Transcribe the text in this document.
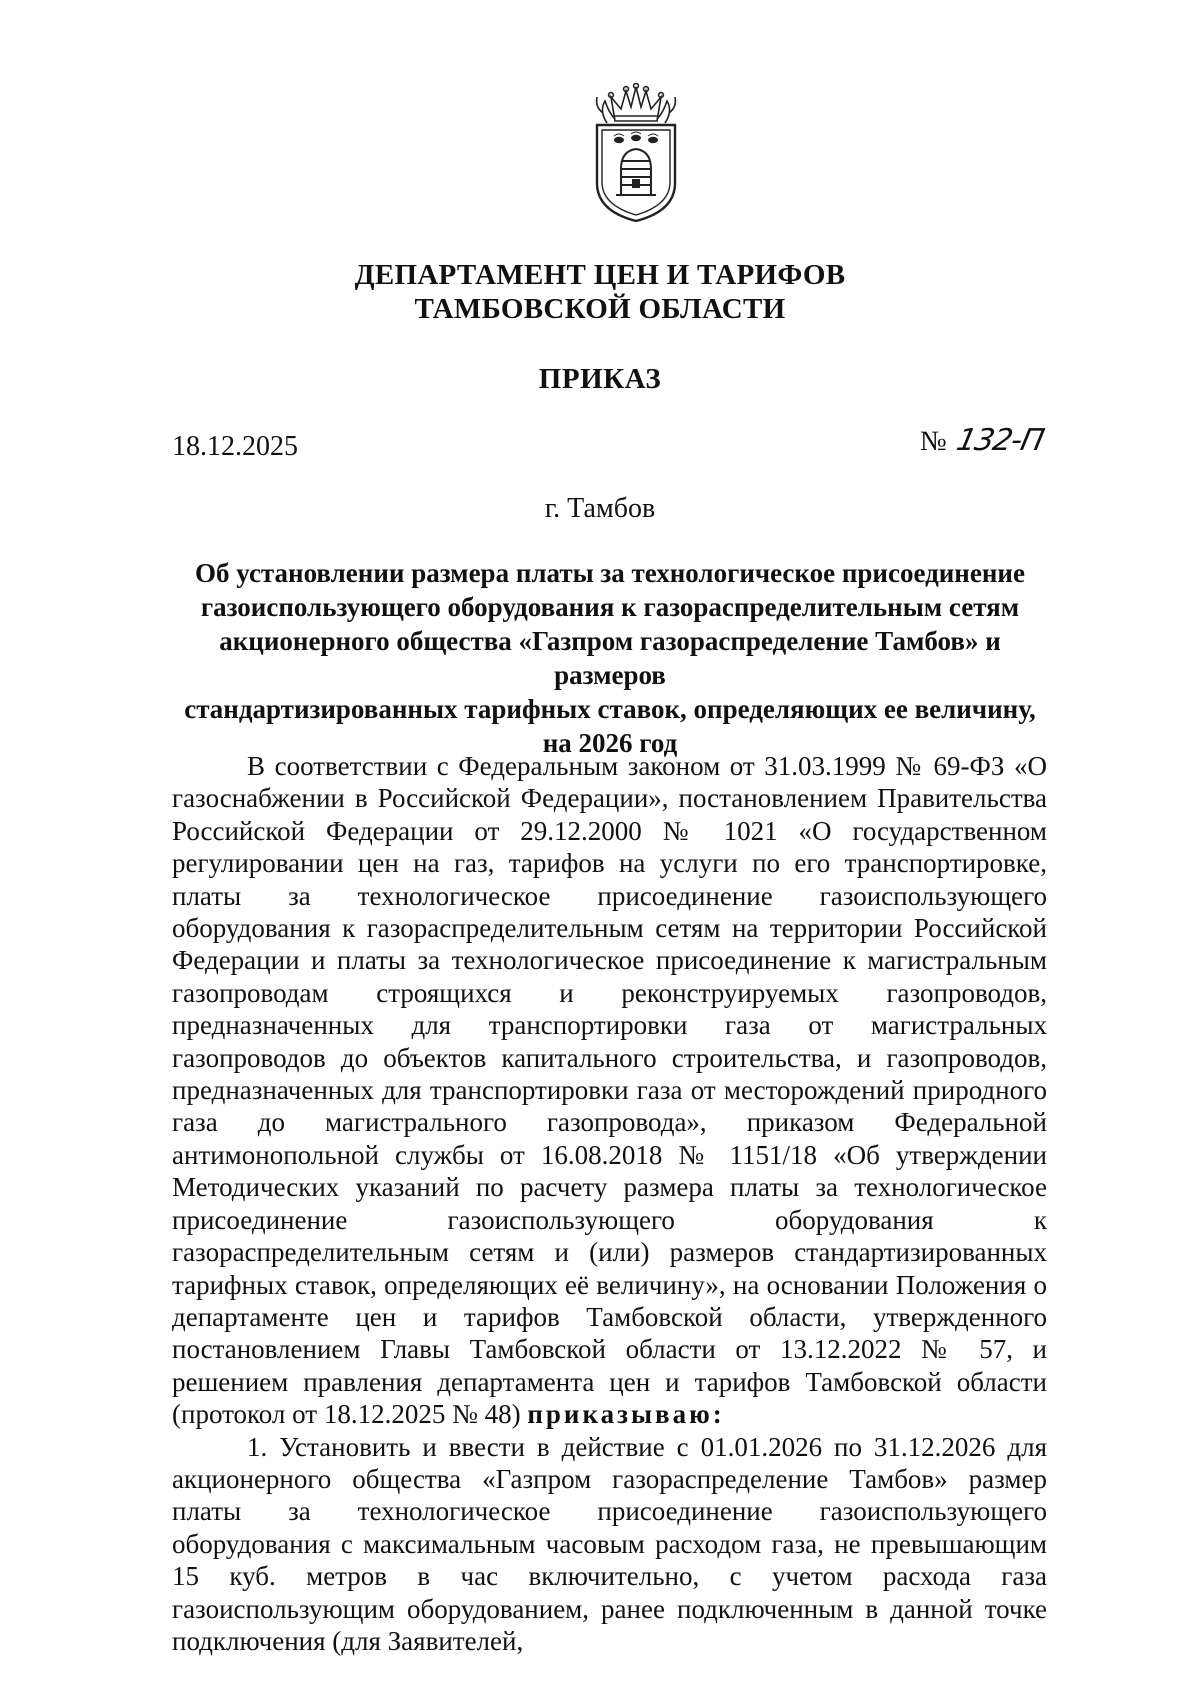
ДЕПАРТАМЕНТ ЦЕН И ТАРИФОВ
ТАМБОВСКОЙ ОБЛАСТИ
ПРИКАЗ
18.12.2025	№ 132-П
г. Тамбов
Об установлении размера платы за технологическое присоединение
газоиспользующего оборудования к газораспределительным сетям
акционерного общества «Газпром газораспределение Тамбов» и размеров
стандартизированных тарифных ставок, определяющих ее величину,
на 2026 год

В соответствии с Федеральным законом от 31.03.1999 № 69-ФЗ «О газоснабжении в Российской Федерации», постановлением Правительства Российской Федерации от 29.12.2000 № 1021 «О государственном регулировании цен на газ, тарифов на услуги по его транспортировке, платы за технологическое присоединение газоиспользующего оборудования к газораспределительным сетям на территории Российской Федерации и платы за технологическое присоединение к магистральным газопроводам строящихся и реконструируемых газопроводов, предназначенных для транспортировки газа от магистральных газопроводов до объектов капитального строительства, и газопроводов, предназначенных для транспортировки газа от месторождений природного газа до магистрального газопровода», приказом Федеральной антимонопольной службы от 16.08.2018 № 1151/18 «Об утверждении Методических указаний по расчету размера платы за технологическое присоединение газоиспользующего оборудования к газораспределительным сетям и (или) размеров стандартизированных тарифных ставок, определяющих её величину», на основании Положения о департаменте цен и тарифов Тамбовской области, утвержденного постановлением Главы Тамбовской области от 13.12.2022 № 57, и решением правления департамента цен и тарифов Тамбовской области (протокол от 18.12.2025 № 48) приказываю:

1. Установить и ввести в действие с 01.01.2026 по 31.12.2026 для акционерного общества «Газпром газораспределение Тамбов» размер платы за технологическое присоединение газоиспользующего оборудования с максимальным часовым расходом газа, не превышающим 15 куб. метров в час включительно, с учетом расхода газа газоиспользующим оборудованием, ранее подключенным в данной точке подключения (для Заявителей,
